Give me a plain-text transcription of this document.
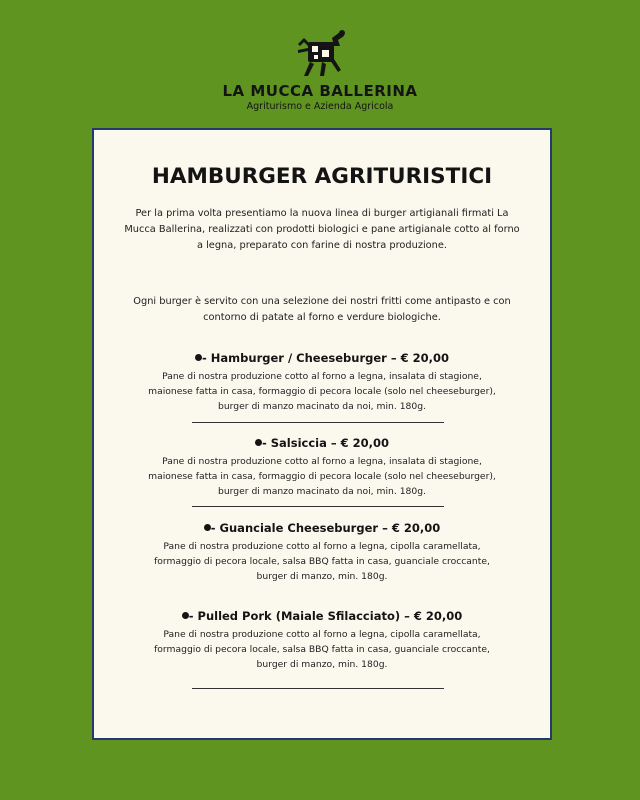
LA MUCCA BALLERINA
Agriturismo e Azienda Agricola
HAMBURGER AGRITURISTICI
Per la prima volta presentiamo la nuova linea di burger artigianali firmati La Mucca Ballerina, realizzati con prodotti biologici e pane artigianale cotto al forno a legna, preparato con farine di nostra produzione.
Ogni burger è servito con una selezione dei nostri fritti come antipasto e con contorno di patate al forno e verdure biologiche.
- Hamburger / Cheeseburger – € 20,00
Pane di nostra produzione cotto al forno a legna, insalata di stagione, maionese fatta in casa, formaggio di pecora locale (solo nel cheeseburger), burger di manzo macinato da noi, min. 180g.
- Salsiccia – € 20,00
Pane di nostra produzione cotto al forno a legna, insalata di stagione, maionese fatta in casa, formaggio di pecora locale (solo nel cheeseburger), burger di manzo macinato da noi, min. 180g.
- Guanciale Cheeseburger – € 20,00
Pane di nostra produzione cotto al forno a legna, cipolla caramellata, formaggio di pecora locale, salsa BBQ fatta in casa, guanciale croccante, burger di manzo, min. 180g.
- Pulled Pork (Maiale Sfilacciato) – € 20,00
Pane di nostra produzione cotto al forno a legna, cipolla caramellata, formaggio di pecora locale, salsa BBQ fatta in casa, guanciale croccante, burger di manzo, min. 180g.
